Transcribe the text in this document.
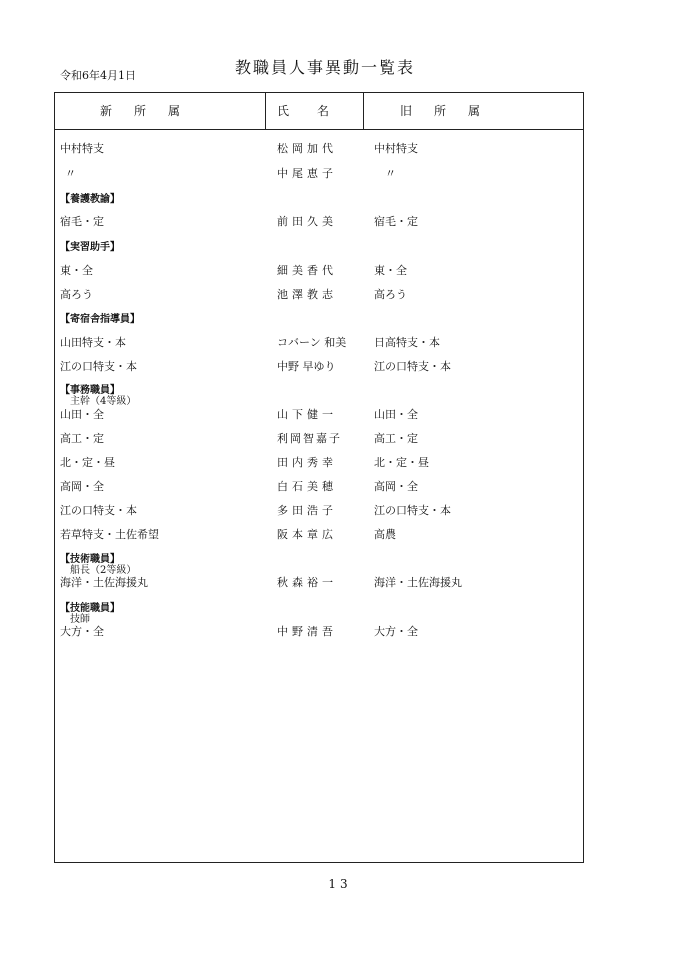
令和6年4月1日	教職員人事異動一覧表
新所属	氏名	旧所属
中村特支	松岡加代	中村特支
〃	中尾恵子	〃
【養護教諭】
宿毛・定	前田久美	宿毛・定
【実習助手】
東・全	細美香代	東・全
高ろう	池澤教志	高ろう
【寄宿舎指導員】
山田特支・本	コバーン 和美	日高特支・本
江の口特支・本	中野 早ゆり	江の口特支・本
【事務職員】
主幹（4等級）
山田・全	山下健一	山田・全
高工・定	利岡智嘉子	高工・定
北・定・昼	田内秀幸	北・定・昼
高岡・全	白石美穂	高岡・全
江の口特支・本	多田浩子	江の口特支・本
若草特支・土佐希望	阪本章広	高農
【技術職員】
船長（2等級）
海洋・土佐海援丸	秋森裕一	海洋・土佐海援丸
【技能職員】
技師
大方・全	中野清吾	大方・全
13
